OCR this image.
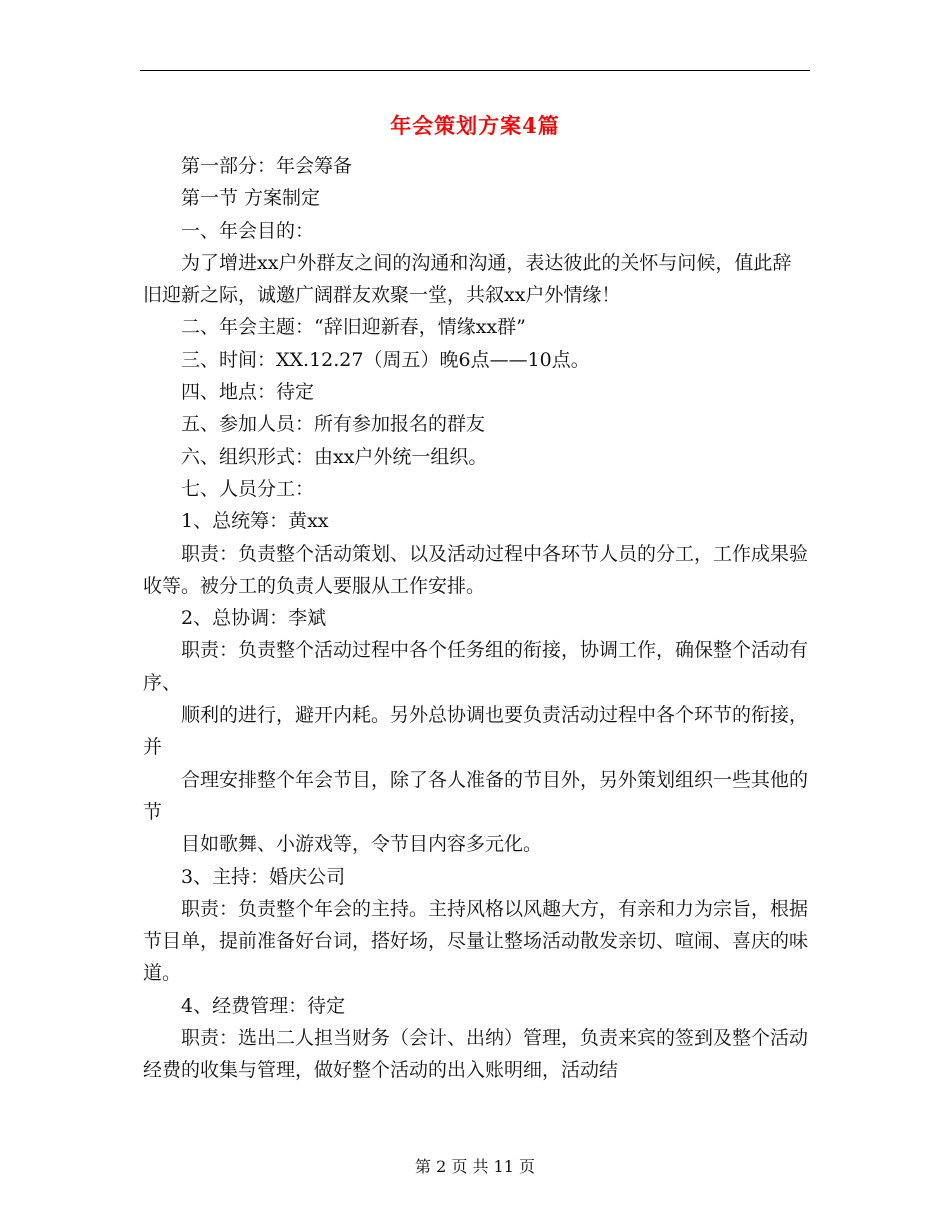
年会策划方案4篇

第一部分：年会筹备

第一节 方案制定

一、年会目的：

为了增进xx户外群友之间的沟通和沟通，表达彼此的关怀与问候，值此辞旧迎新之际，诚邀广阔群友欢聚一堂，共叙xx户外情缘！

二、年会主题：“辞旧迎新春，情缘xx群”

三、时间：XX.12.27（周五）晚6点——10点。

四、地点：待定

五、参加人员：所有参加报名的群友

六、组织形式：由xx户外统一组织。

七、人员分工：

1、总统筹：黄xx

职责：负责整个活动策划、以及活动过程中各环节人员的分工，工作成果验收等。被分工的负责人要服从工作安排。

2、总协调：李斌

职责：负责整个活动过程中各个任务组的衔接，协调工作，确保整个活动有序、

顺利的进行，避开内耗。另外总协调也要负责活动过程中各个环节的衔接，并

合理安排整个年会节目，除了各人准备的节目外，另外策划组织一些其他的节

目如歌舞、小游戏等，令节目内容多元化。

3、主持：婚庆公司

职责：负责整个年会的主持。主持风格以风趣大方，有亲和力为宗旨，根据节目单，提前准备好台词，搭好场，尽量让整场活动散发亲切、喧闹、喜庆的味道。

4、经费管理：待定

职责：选出二人担当财务（会计、出纳）管理，负责来宾的签到及整个活动经费的收集与管理，做好整个活动的出入账明细，活动结

第 2 页 共 11 页
